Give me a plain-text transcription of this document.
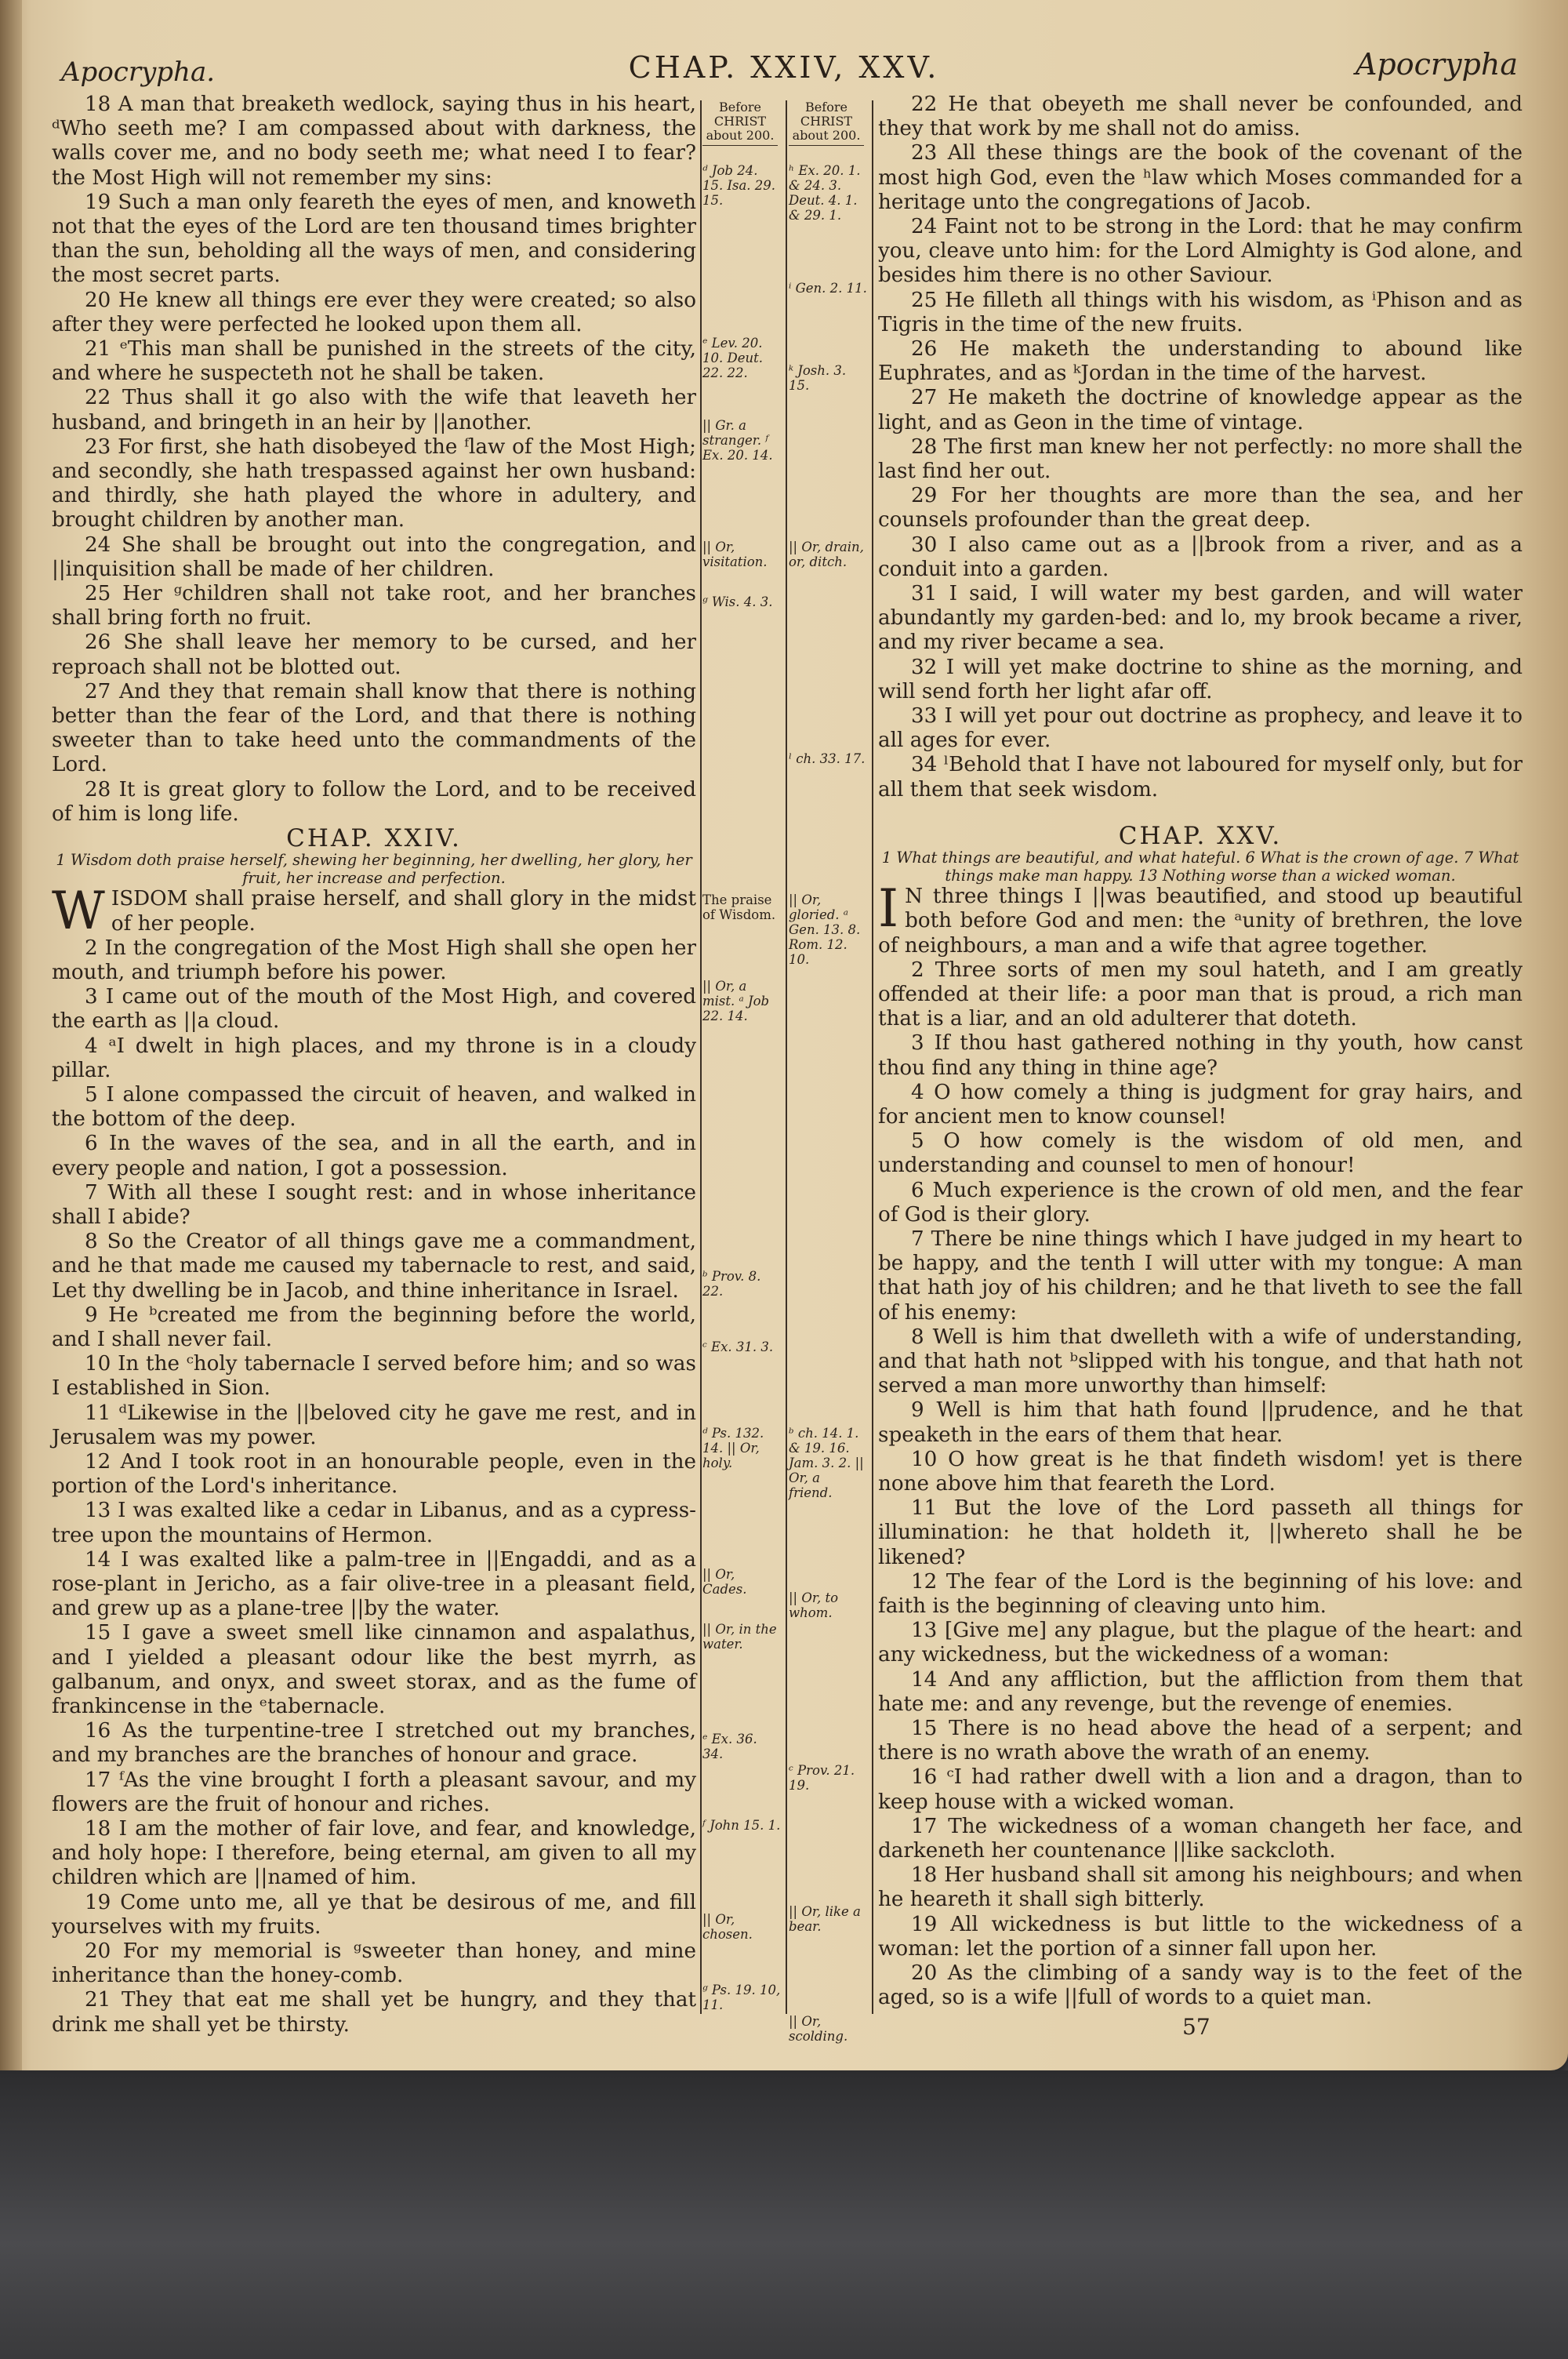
Apocrypha.	CHAP. XXIV, XXV.	Apocrypha

18 A man that breaketh wedlock, saying thus in his heart, ᵈWho seeth me? I am compassed about with darkness, the walls cover me, and no body seeth me; what need I to fear? the Most High will not remember my sins:

19 Such a man only feareth the eyes of men, and knoweth not that the eyes of the Lord are ten thousand times brighter than the sun, beholding all the ways of men, and considering the most secret parts.

20 He knew all things ere ever they were created; so also after they were perfected he looked upon them all.

21 ᵉThis man shall be punished in the streets of the city, and where he suspecteth not he shall be taken.

22 Thus shall it go also with the wife that leaveth her husband, and bringeth in an heir by ||another.

23 For first, she hath disobeyed the ᶠlaw of the Most High; and secondly, she hath trespassed against her own husband: and thirdly, she hath played the whore in adultery, and brought children by another man.

24 She shall be brought out into the congregation, and ||inquisition shall be made of her children.

25 Her ᵍchildren shall not take root, and her branches shall bring forth no fruit.

26 She shall leave her memory to be cursed, and her reproach shall not be blotted out.

27 And they that remain shall know that there is nothing better than the fear of the Lord, and that there is nothing sweeter than to take heed unto the commandments of the Lord.

28 It is great glory to follow the Lord, and to be received of him is long life.

CHAP. XXIV.

1 Wisdom doth praise herself, shewing her beginning, her dwelling, her glory, her fruit, her increase and perfection.

WISDOM shall praise herself, and shall glory in the midst of her people.

2 In the congregation of the Most High shall she open her mouth, and triumph before his power.

3 I came out of the mouth of the Most High, and covered the earth as ||a cloud.

4 ᵃI dwelt in high places, and my throne is in a cloudy pillar.

5 I alone compassed the circuit of heaven, and walked in the bottom of the deep.

6 In the waves of the sea, and in all the earth, and in every people and nation, I got a possession.

7 With all these I sought rest: and in whose inheritance shall I abide?

8 So the Creator of all things gave me a commandment, and he that made me caused my tabernacle to rest, and said, Let thy dwelling be in Jacob, and thine inheritance in Israel.

9 He ᵇcreated me from the beginning before the world, and I shall never fail.

10 In the ᶜholy tabernacle I served before him; and so was I established in Sion.

11 ᵈLikewise in the ||beloved city he gave me rest, and in Jerusalem was my power.

12 And I took root in an honourable people, even in the portion of the Lord's inheritance.

13 I was exalted like a cedar in Libanus, and as a cypress-tree upon the mountains of Hermon.

14 I was exalted like a palm-tree in ||Engaddi, and as a rose-plant in Jericho, as a fair olive-tree in a pleasant field, and grew up as a plane-tree ||by the water.

15 I gave a sweet smell like cinnamon and aspalathus, and I yielded a pleasant odour like the best myrrh, as galbanum, and onyx, and sweet storax, and as the fume of frankincense in the ᵉtabernacle.

16 As the turpentine-tree I stretched out my branches, and my branches are the branches of honour and grace.

17 ᶠAs the vine brought I forth a pleasant savour, and my flowers are the fruit of honour and riches.

18 I am the mother of fair love, and fear, and knowledge, and holy hope: I therefore, being eternal, am given to all my children which are ||named of him.

19 Come unto me, all ye that be desirous of me, and fill yourselves with my fruits.

20 For my memorial is ᵍsweeter than honey, and mine inheritance than the honey-comb.

21 They that eat me shall yet be hungry, and they that drink me shall yet be thirsty.

Before CHRIST about 200.
ᵈ Job 24. 15. Isa. 29. 15.
ᵉ Lev. 20. 10. Deut. 22. 22.
|| Gr. a stranger. ᶠ Ex. 20. 14.
|| Or, visitation.
ᵍ Wis. 4. 3.
The praise of Wisdom.
|| Or, a mist. ᵃ Job 22. 14.
ᵇ Prov. 8. 22.
ᶜ Ex. 31. 3.
ᵈ Ps. 132. 14. || Or, holy.
|| Or, Cades.
|| Or, in the water.
ᵉ Ex. 36. 34.
ᶠ John 15. 1.
|| Or, chosen.
ᵍ Ps. 19. 10, 11.
Before CHRIST about 200.
ʰ Ex. 20. 1. & 24. 3. Deut. 4. 1. & 29. 1.
ⁱ Gen. 2. 11.
ᵏ Josh. 3. 15.
|| Or, drain, or, ditch.
ˡ ch. 33. 17.
|| Or, gloried. ᵃ Gen. 13. 8. Rom. 12. 10.
ᵇ ch. 14. 1. & 19. 16. Jam. 3. 2. || Or, a friend.
|| Or, to whom.
ᶜ Prov. 21. 19.
|| Or, like a bear.
|| Or, scolding.

22 He that obeyeth me shall never be confounded, and they that work by me shall not do amiss.

23 All these things are the book of the covenant of the most high God, even the ʰlaw which Moses commanded for a heritage unto the congregations of Jacob.

24 Faint not to be strong in the Lord: that he may confirm you, cleave unto him: for the Lord Almighty is God alone, and besides him there is no other Saviour.

25 He filleth all things with his wisdom, as ⁱPhison and as Tigris in the time of the new fruits.

26 He maketh the understanding to abound like Euphrates, and as ᵏJordan in the time of the harvest.

27 He maketh the doctrine of knowledge appear as the light, and as Geon in the time of vintage.

28 The first man knew her not perfectly: no more shall the last find her out.

29 For her thoughts are more than the sea, and her counsels profounder than the great deep.

30 I also came out as a ||brook from a river, and as a conduit into a garden.

31 I said, I will water my best garden, and will water abundantly my garden-bed: and lo, my brook became a river, and my river became a sea.

32 I will yet make doctrine to shine as the morning, and will send forth her light afar off.

33 I will yet pour out doctrine as prophecy, and leave it to all ages for ever.

34 ˡBehold that I have not laboured for myself only, but for all them that seek wisdom.

CHAP. XXV.

1 What things are beautiful, and what hateful. 6 What is the crown of age. 7 What things make man happy. 13 Nothing worse than a wicked woman.

I N three things I ||was beautified, and stood up beautiful both before God and men: the ᵃunity of brethren, the love of neighbours, a man and a wife that agree together.

2 Three sorts of men my soul hateth, and I am greatly offended at their life: a poor man that is proud, a rich man that is a liar, and an old adulterer that doteth.

3 If thou hast gathered nothing in thy youth, how canst thou find any thing in thine age?

4 O how comely a thing is judgment for gray hairs, and for ancient men to know counsel!

5 O how comely is the wisdom of old men, and understanding and counsel to men of honour!

6 Much experience is the crown of old men, and the fear of God is their glory.

7 There be nine things which I have judged in my heart to be happy, and the tenth I will utter with my tongue: A man that hath joy of his children; and he that liveth to see the fall of his enemy:

8 Well is him that dwelleth with a wife of understanding, and that hath not ᵇslipped with his tongue, and that hath not served a man more unworthy than himself:

9 Well is him that hath found ||prudence, and he that speaketh in the ears of them that hear.

10 O how great is he that findeth wisdom! yet is there none above him that feareth the Lord.

11 But the love of the Lord passeth all things for illumination: he that holdeth it, ||whereto shall he be likened?

12 The fear of the Lord is the beginning of his love: and faith is the beginning of cleaving unto him.

13 [Give me] any plague, but the plague of the heart: and any wickedness, but the wickedness of a woman:

14 And any affliction, but the affliction from them that hate me: and any revenge, but the revenge of enemies.

15 There is no head above the head of a serpent; and there is no wrath above the wrath of an enemy.

16 ᶜI had rather dwell with a lion and a dragon, than to keep house with a wicked woman.

17 The wickedness of a woman changeth her face, and darkeneth her countenance ||like sackcloth.

18 Her husband shall sit among his neighbours; and when he heareth it shall sigh bitterly.

19 All wickedness is but little to the wickedness of a woman: let the portion of a sinner fall upon her.

20 As the climbing of a sandy way is to the feet of the aged, so is a wife ||full of words to a quiet man.

57
